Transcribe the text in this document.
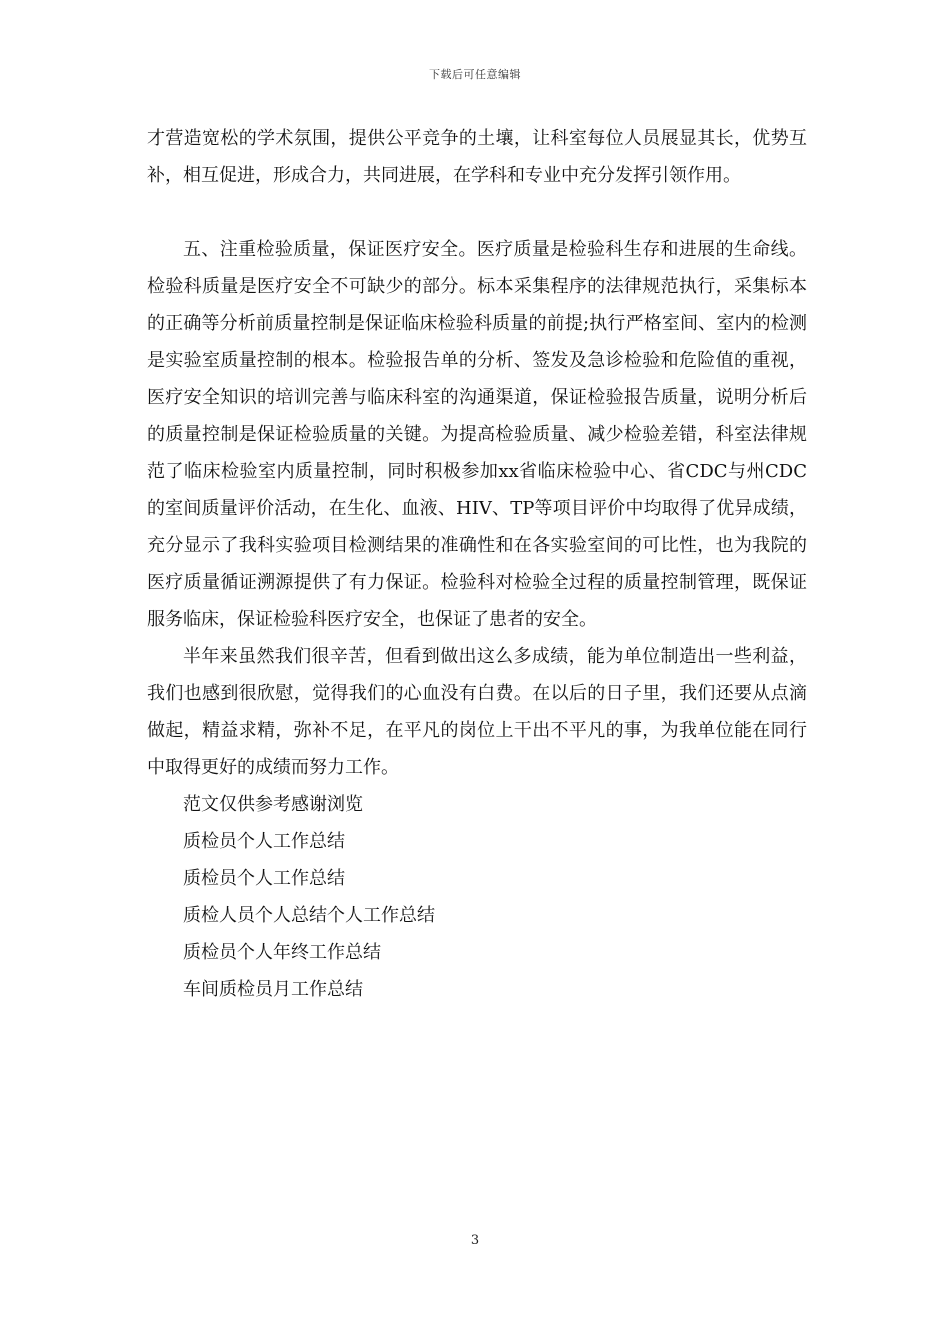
下载后可任意编辑

才营造宽松的学术氛围，提供公平竞争的土壤，让科室每位人员展显其长，优势互补，相互促进，形成合力，共同进展，在学科和专业中充分发挥引领作用。

五、注重检验质量，保证医疗安全。医疗质量是检验科生存和进展的生命线。检验科质量是医疗安全不可缺少的部分。标本采集程序的法律规范执行，采集标本的正确等分析前质量控制是保证临床检验科质量的前提;执行严格室间、室内的检测是实验室质量控制的根本。检验报告单的分析、签发及急诊检验和危险值的重视，医疗安全知识的培训完善与临床科室的沟通渠道，保证检验报告质量，说明分析后的质量控制是保证检验质量的关键。为提高检验质量、减少检验差错，科室法律规范了临床检验室内质量控制，同时积极参加xx省临床检验中心、省CDC与州CDC的室间质量评价活动，在生化、血液、HIV、TP等项目评价中均取得了优异成绩，充分显示了我科实验项目检测结果的准确性和在各实验室间的可比性，也为我院的医疗质量循证溯源提供了有力保证。检验科对检验全过程的质量控制管理，既保证服务临床，保证检验科医疗安全，也保证了患者的安全。

半年来虽然我们很辛苦，但看到做出这么多成绩，能为单位制造出一些利益，我们也感到很欣慰，觉得我们的心血没有白费。在以后的日子里，我们还要从点滴做起，精益求精，弥补不足，在平凡的岗位上干出不平凡的事，为我单位能在同行中取得更好的成绩而努力工作。

范文仅供参考感谢浏览

质检员个人工作总结

质检员个人工作总结

质检人员个人总结个人工作总结

质检员个人年终工作总结

车间质检员月工作总结

3
